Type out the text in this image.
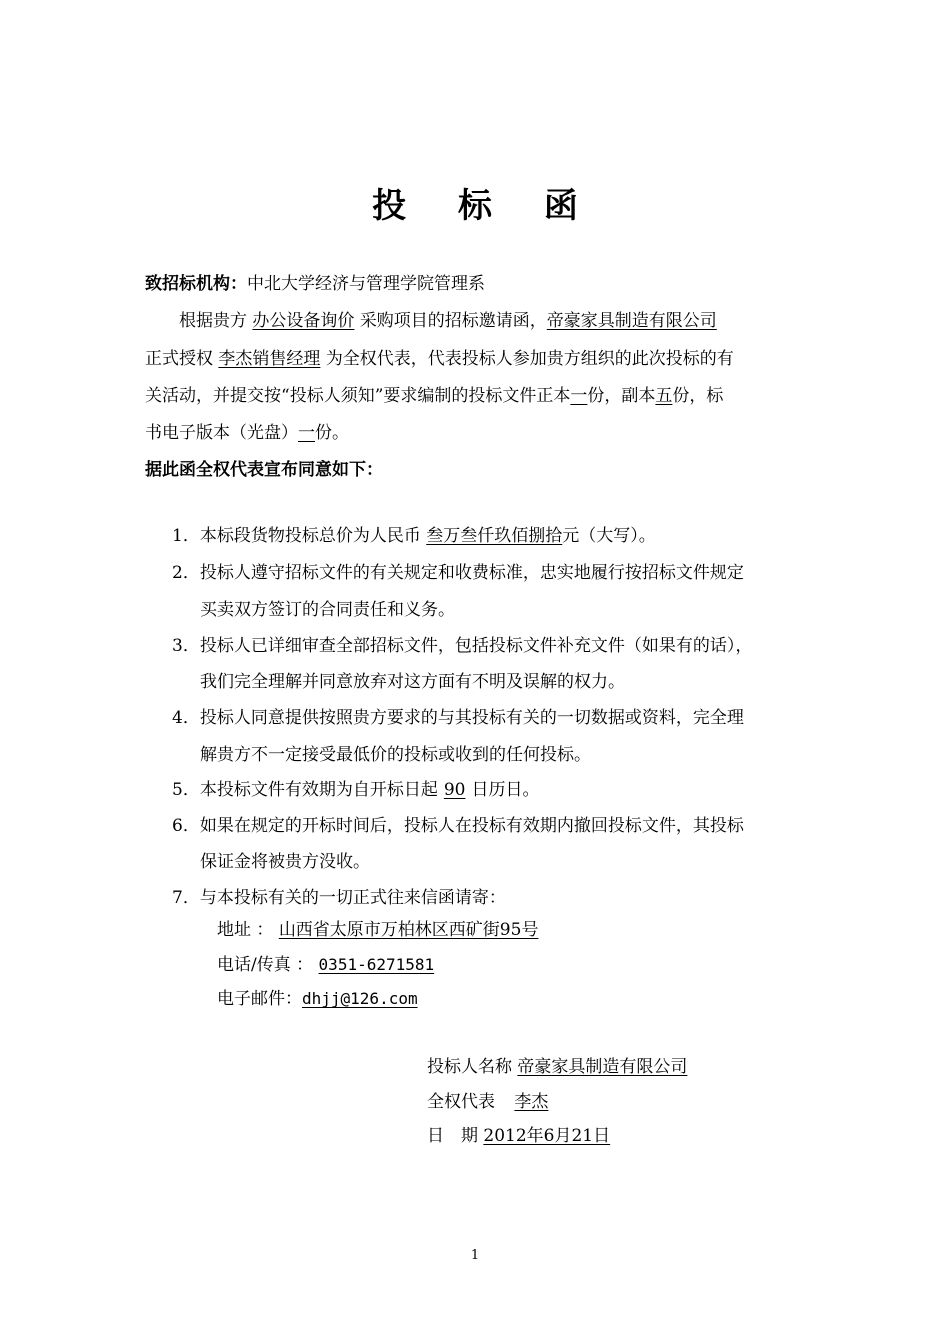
投 标 函
致招标机构：中北大学经济与管理学院管理系
根据贵方 办公设备询价 采购项目的招标邀请函，帝豪家具制造有限公司
正式授权 李杰销售经理 为全权代表，代表投标人参加贵方组织的此次投标的有
关活动，并提交按“投标人须知”要求编制的投标文件正本一份，副本五份，标
书电子版本（光盘）一份。
据此函全权代表宣布同意如下：
1．本标段货物投标总价为人民币 叁万叁仟玖佰捌拾元（大写）。
2．投标人遵守招标文件的有关规定和收费标准，忠实地履行按招标文件规定
买卖双方签订的合同责任和义务。
3．投标人已详细审查全部招标文件，包括投标文件补充文件（如果有的话），
我们完全理解并同意放弃对这方面有不明及误解的权力。
4．投标人同意提供按照贵方要求的与其投标有关的一切数据或资料，完全理
解贵方不一定接受最低价的投标或收到的任何投标。
5．本投标文件有效期为自开标日起 90 日历日。
6．如果在规定的开标时间后，投标人在投标有效期内撤回投标文件，其投标
保证金将被贵方没收。
7．与本投标有关的一切正式往来信函请寄：
地址 ： 山西省太原市万柏林区西矿街95号
电话/传真 ： 0351-6271581
电子邮件：dhjj@126.com
投标人名称 帝豪家具制造有限公司
全权代表 李杰
日　期 2012年6月21日
1
